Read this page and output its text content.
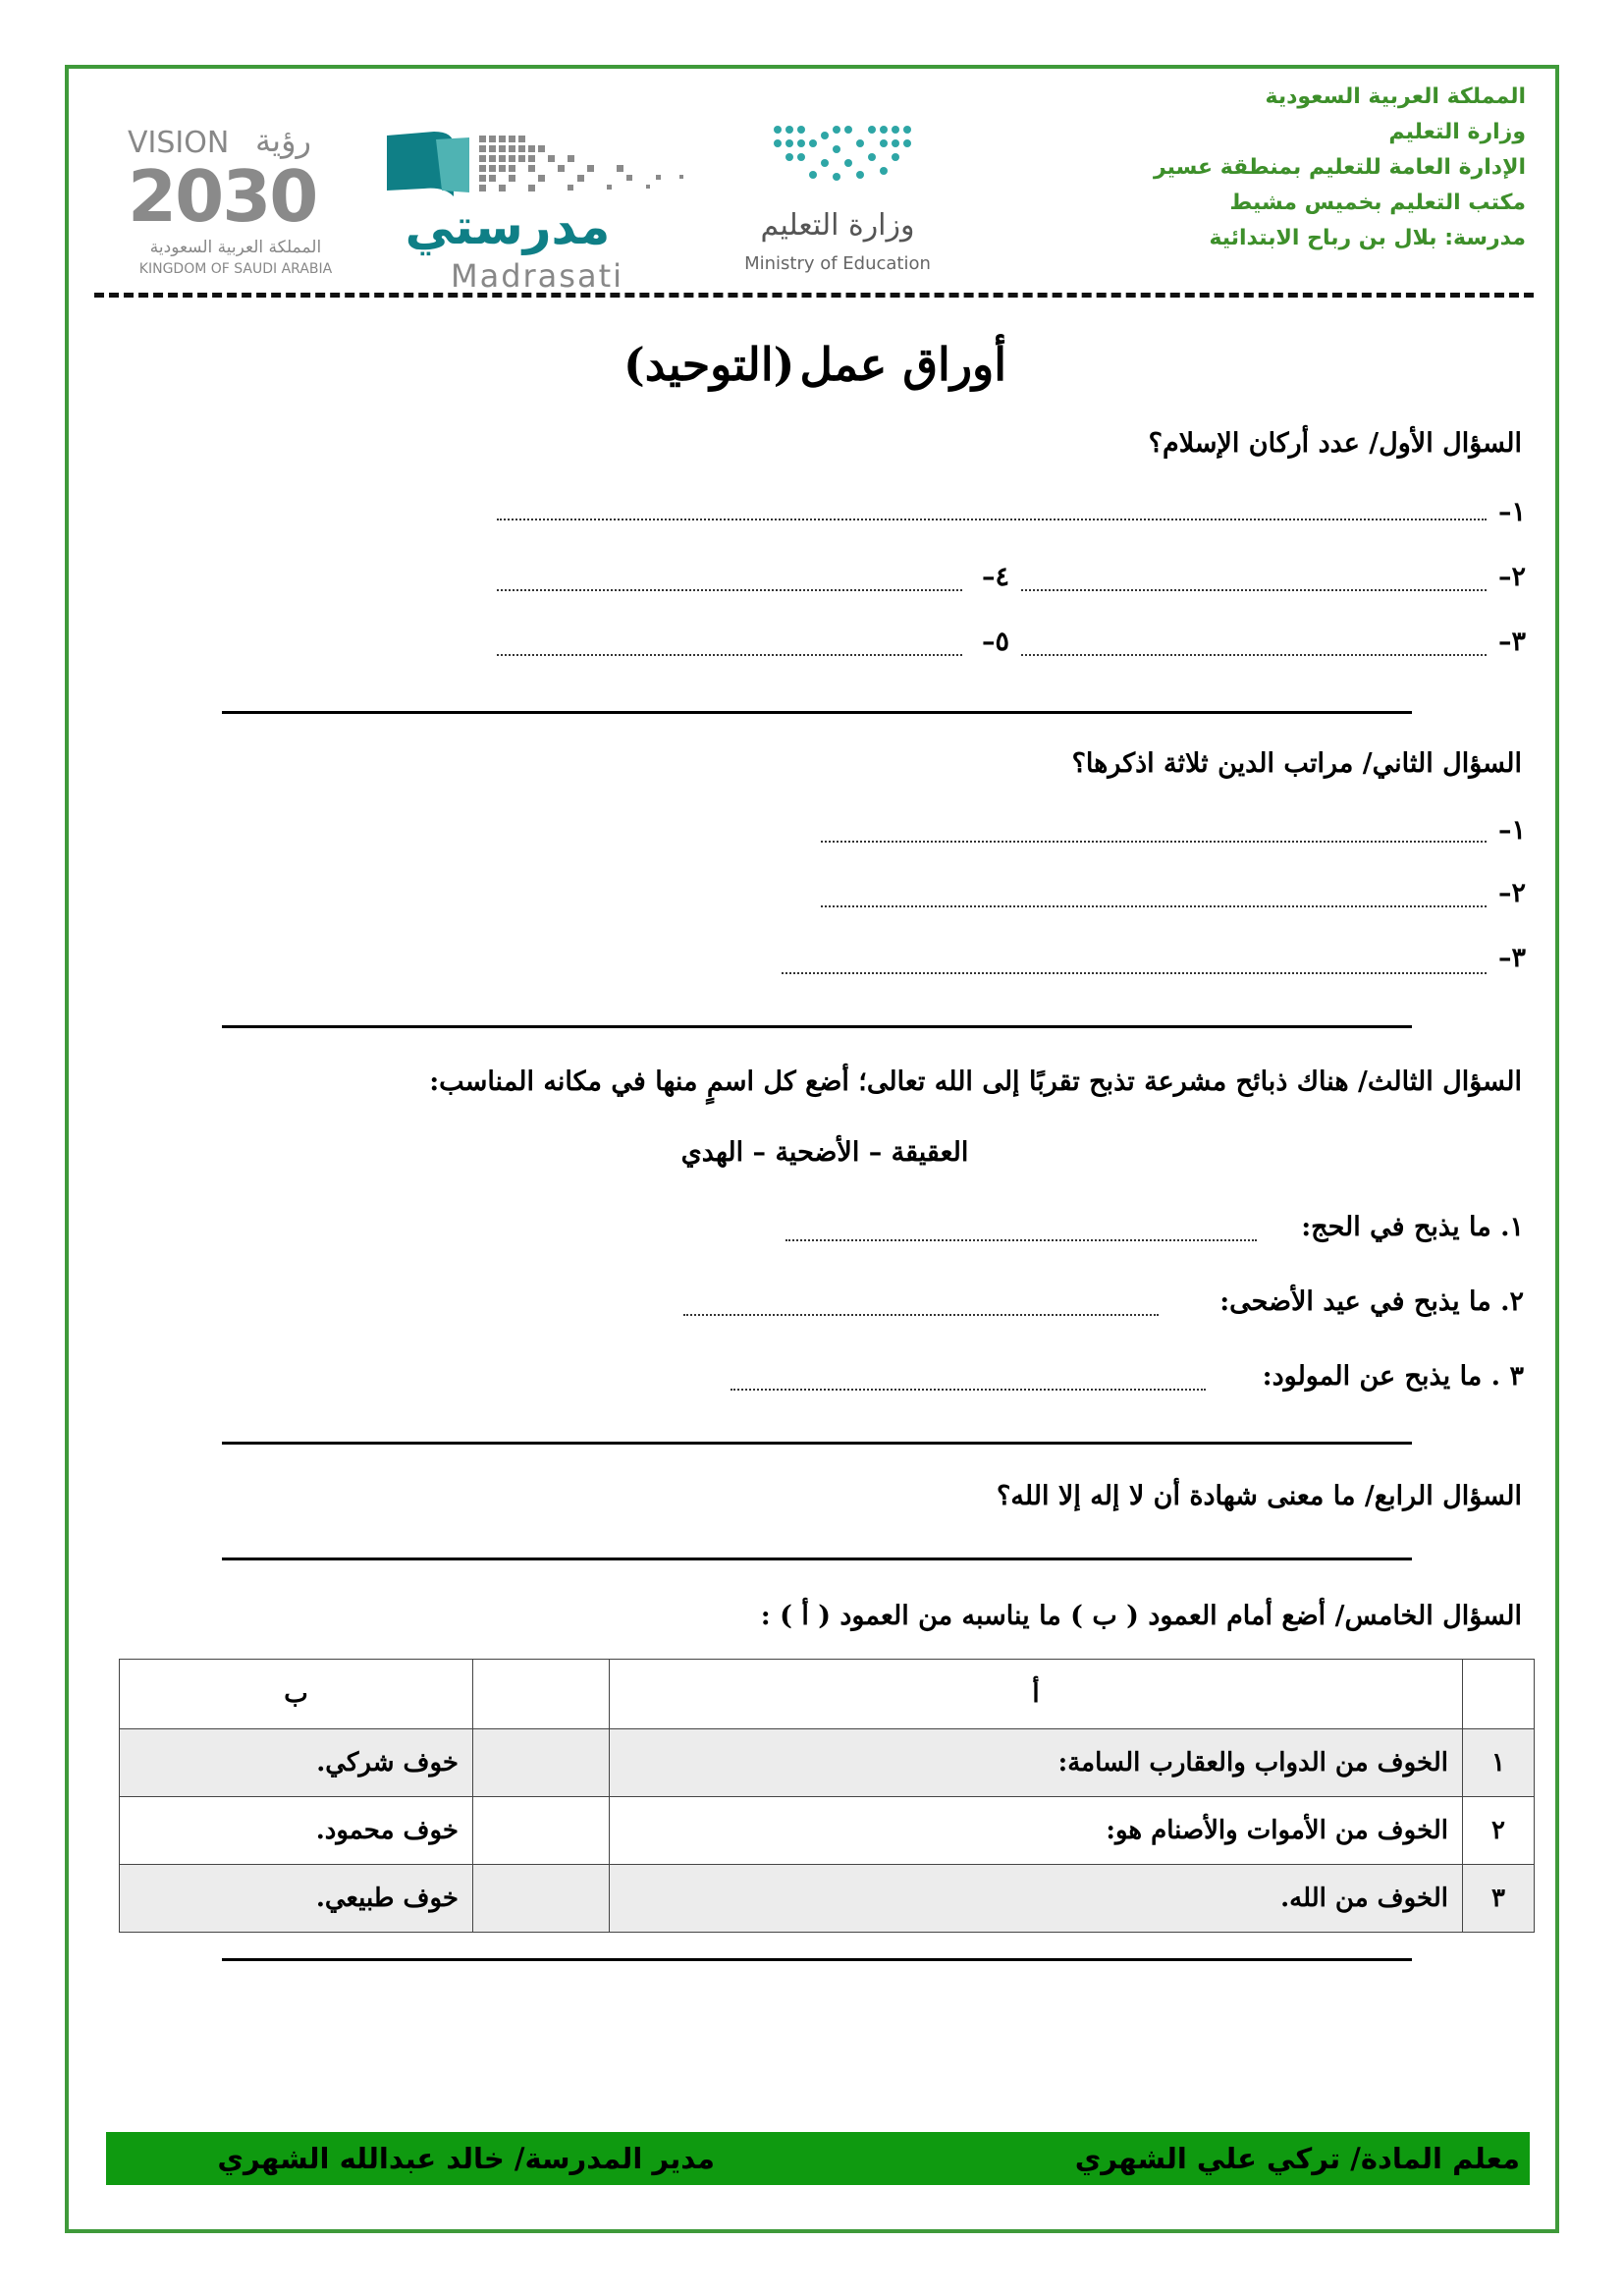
المملكة العربية السعودية
وزارة التعليم
الإدارة العامة للتعليم بمنطقة عسير
مكتب التعليم بخميس مشيط
مدرسة: بلال بن رباح الابتدائية
وزارة التعليم
Ministry of Education
مدرستي
Madrasati
VISION رؤية
2030
المملكة العربية السعودية
KINGDOM OF SAUDI ARABIA
أوراق عمل (التوحيد)
السؤال الأول/ عدد أركان الإسلام؟
١–
٢–
٤–
٣–
٥–
السؤال الثاني/ مراتب الدين ثلاثة اذكرها؟
١–
٢–
٣–
السؤال الثالث/ هناك ذبائح مشرعة تذبح تقربًا إلى الله تعالى؛ أضع كل اسمٍ منها في مكانه المناسب:
العقيقة – الأضحية – الهدي
١. ما يذبح في الحج:
٢. ما يذبح في عيد الأضحى:
٣ . ما يذبح عن المولود:
السؤال الرابع/ ما معنى شهادة أن لا إله إلا الله؟
السؤال الخامس/ أضع أمام العمود ( ب ) ما يناسبه من العمود ( أ ) :
	أ		ب
١	الخوف من الدواب والعقارب السامة:		خوف شركي.
٢	الخوف من الأموات والأصنام هو:		خوف محمود.
٣	الخوف من الله.		خوف طبيعي.
معلم المادة/ تركي علي الشهري
مدير المدرسة/ خالد عبدالله الشهري
